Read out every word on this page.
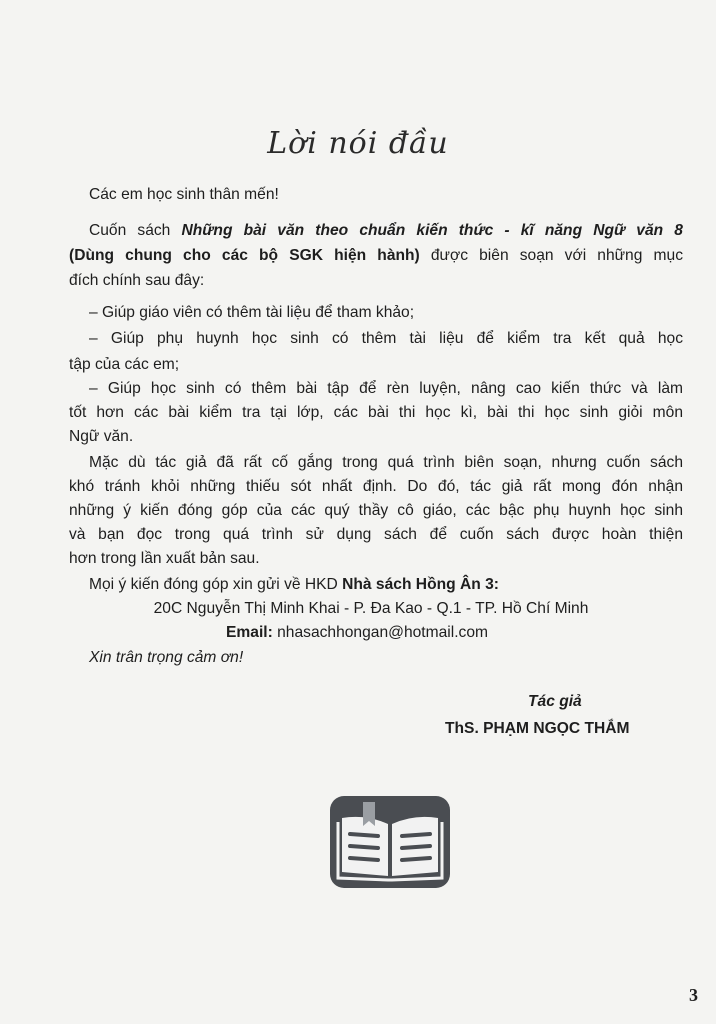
Lời nói đầu
Các em học sinh thân mến!
Cuốn sách Những bài văn theo chuẩn kiến thức - kĩ năng Ngữ văn 8
(Dùng chung cho các bộ SGK hiện hành) được biên soạn với những mục
đích chính sau đây:
– Giúp giáo viên có thêm tài liệu để tham khảo;
– Giúp phụ huynh học sinh có thêm tài liệu để kiểm tra kết quả học
tập của các em;
– Giúp học sinh có thêm bài tập để rèn luyện, nâng cao kiến thức và làm
tốt hơn các bài kiểm tra tại lớp, các bài thi học kì, bài thi học sinh giỏi môn
Ngữ văn.
Mặc dù tác giả đã rất cố gắng trong quá trình biên soạn, nhưng cuốn sách
khó tránh khỏi những thiếu sót nhất định. Do đó, tác giả rất mong đón nhận
những ý kiến đóng góp của các quý thầy cô giáo, các bậc phụ huynh học sinh
và bạn đọc trong quá trình sử dụng sách để cuốn sách được hoàn thiện
hơn trong lần xuất bản sau.
Mọi ý kiến đóng góp xin gửi về HKD Nhà sách Hồng Ân 3:
20C Nguyễn Thị Minh Khai - P. Đa Kao - Q.1 - TP. Hồ Chí Minh
Email: nhasachhongan@hotmail.com
Xin trân trọng cảm ơn!
Tác giả
ThS. PHẠM NGỌC THẮM
3
